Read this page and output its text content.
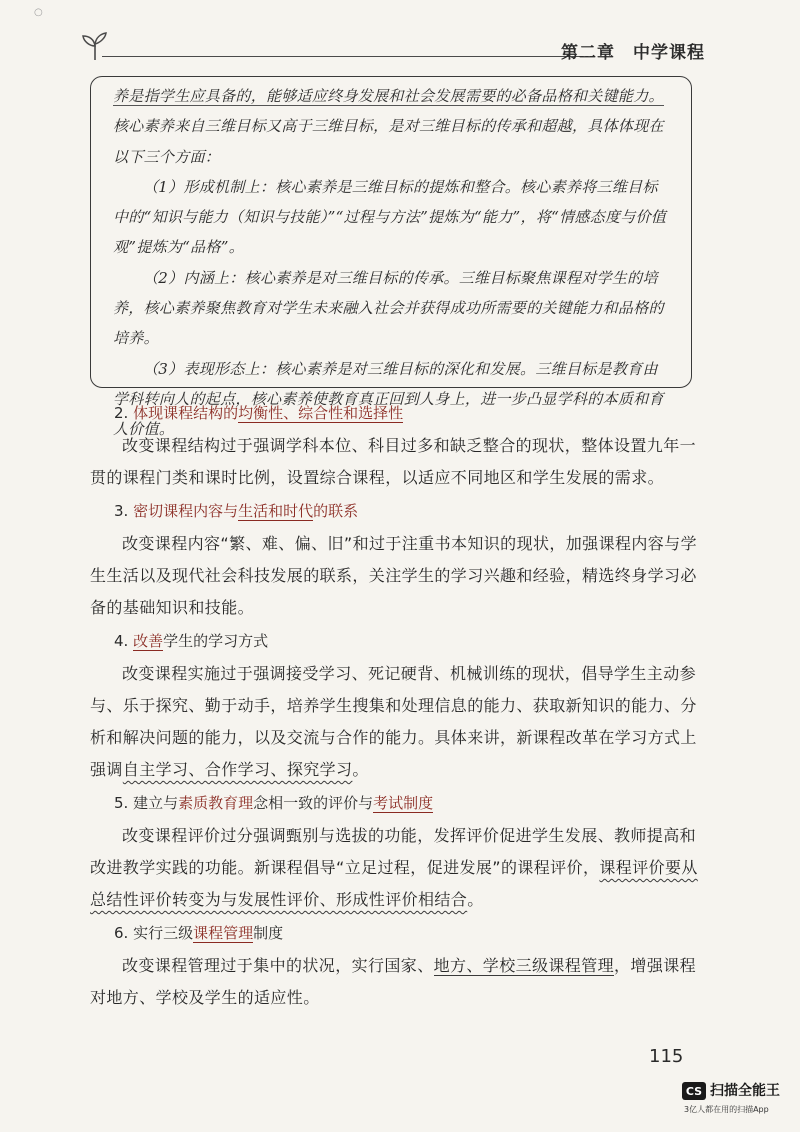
○
第二章　中学课程

养是指学生应具备的，能够适应终身发展和社会发展需要的必备品格和关键能力。

核心素养来自三维目标又高于三维目标，是对三维目标的传承和超越，具体体现在以下三个方面：

（1）形成机制上：核心素养是三维目标的提炼和整合。核心素养将三维目标中的“知识与能力（知识与技能）”“过程与方法”提炼为“能力”，将“情感态度与价值观”提炼为“品格”。

（2）内涵上：核心素养是对三维目标的传承。三维目标聚焦课程对学生的培养，核心素养聚焦教育对学生未来融入社会并获得成功所需要的关键能力和品格的培养。

（3）表现形态上：核心素养是对三维目标的深化和发展。三维目标是教育由学科转向人的起点，核心素养使教育真正回到人身上，进一步凸显学科的本质和育人价值。

2. 体现课程结构的均衡性、综合性和选择性

改变课程结构过于强调学科本位、科目过多和缺乏整合的现状，整体设置九年一贯的课程门类和课时比例，设置综合课程，以适应不同地区和学生发展的需求。

3. 密切课程内容与生活和时代的联系

改变课程内容“繁、难、偏、旧”和过于注重书本知识的现状，加强课程内容与学生生活以及现代社会科技发展的联系，关注学生的学习兴趣和经验，精选终身学习必备的基础知识和技能。

4. 改善学生的学习方式

改变课程实施过于强调接受学习、死记硬背、机械训练的现状，倡导学生主动参与、乐于探究、勤于动手，培养学生搜集和处理信息的能力、获取新知识的能力、分析和解决问题的能力，以及交流与合作的能力。具体来讲，新课程改革在学习方式上强调自主学习、合作学习、探究学习。

5. 建立与素质教育理念相一致的评价与考试制度

改变课程评价过分强调甄别与选拔的功能，发挥评价促进学生发展、教师提高和改进教学实践的功能。新课程倡导“立足过程，促进发展”的课程评价，课程评价要从总结性评价转变为与发展性评价、形成性评价相结合。

6. 实行三级课程管理制度

改变课程管理过于集中的状况，实行国家、地方、学校三级课程管理，增强课程对地方、学校及学生的适应性。

115
CS 扫描全能王
3亿人都在用的扫描App
